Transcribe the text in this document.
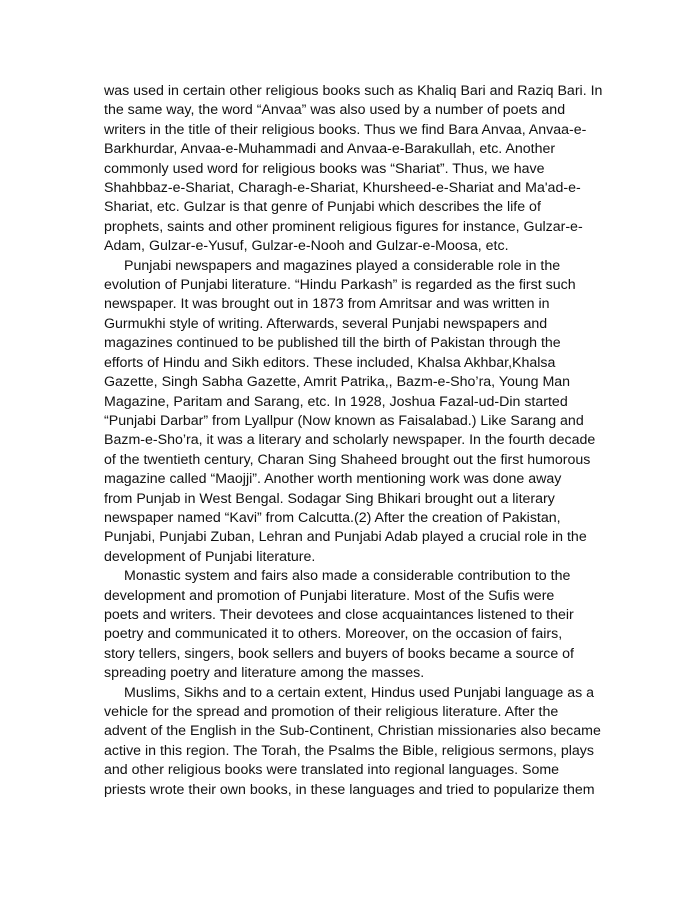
was used in certain other religious books such as Khaliq Bari and Raziq Bari. In
the same way, the word “Anvaa” was also used by a number of poets and
writers in the title of their religious books. Thus we find Bara Anvaa, Anvaa-e-
Barkhurdar, Anvaa-e-Muhammadi and Anvaa-e-Barakullah, etc. Another
commonly used word for religious books was “Shariat”. Thus, we have
Shahbbaz-e-Shariat, Charagh-e-Shariat, Khursheed-e-Shariat and Ma'ad-e-
Shariat, etc. Gulzar is that genre of Punjabi which describes the life of
prophets, saints and other prominent religious figures for instance, Gulzar-e-
Adam, Gulzar-e-Yusuf, Gulzar-e-Nooh and Gulzar-e-Moosa, etc.

Punjabi newspapers and magazines played a considerable role in the
evolution of Punjabi literature. “Hindu Parkash” is regarded as the first such
newspaper. It was brought out in 1873 from Amritsar and was written in
Gurmukhi style of writing. Afterwards, several Punjabi newspapers and
magazines continued to be published till the birth of Pakistan through the
efforts of Hindu and Sikh editors. These included, Khalsa Akhbar,Khalsa
Gazette, Singh Sabha Gazette, Amrit Patrika,, Bazm-e-Sho’ra, Young Man
Magazine, Paritam and Sarang, etc. In 1928, Joshua Fazal-ud-Din started
“Punjabi Darbar” from Lyallpur (Now known as Faisalabad.) Like Sarang and
Bazm-e-Sho’ra, it was a literary and scholarly newspaper. In the fourth decade
of the twentieth century, Charan Sing Shaheed brought out the first humorous
magazine called “Maojji”. Another worth mentioning work was done away
from Punjab in West Bengal. Sodagar Sing Bhikari brought out a literary
newspaper named “Kavi” from Calcutta.(2) After the creation of Pakistan,
Punjabi, Punjabi Zuban, Lehran and Punjabi Adab played a crucial role in the
development of Punjabi literature.

Monastic system and fairs also made a considerable contribution to the
development and promotion of Punjabi literature. Most of the Sufis were
poets and writers. Their devotees and close acquaintances listened to their
poetry and communicated it to others. Moreover, on the occasion of fairs,
story tellers, singers, book sellers and buyers of books became a source of
spreading poetry and literature among the masses.

Muslims, Sikhs and to a certain extent, Hindus used Punjabi language as a
vehicle for the spread and promotion of their religious literature. After the
advent of the English in the Sub-Continent, Christian missionaries also became
active in this region. The Torah, the Psalms the Bible, religious sermons, plays
and other religious books were translated into regional languages. Some
priests wrote their own books, in these languages and tried to popularize them
